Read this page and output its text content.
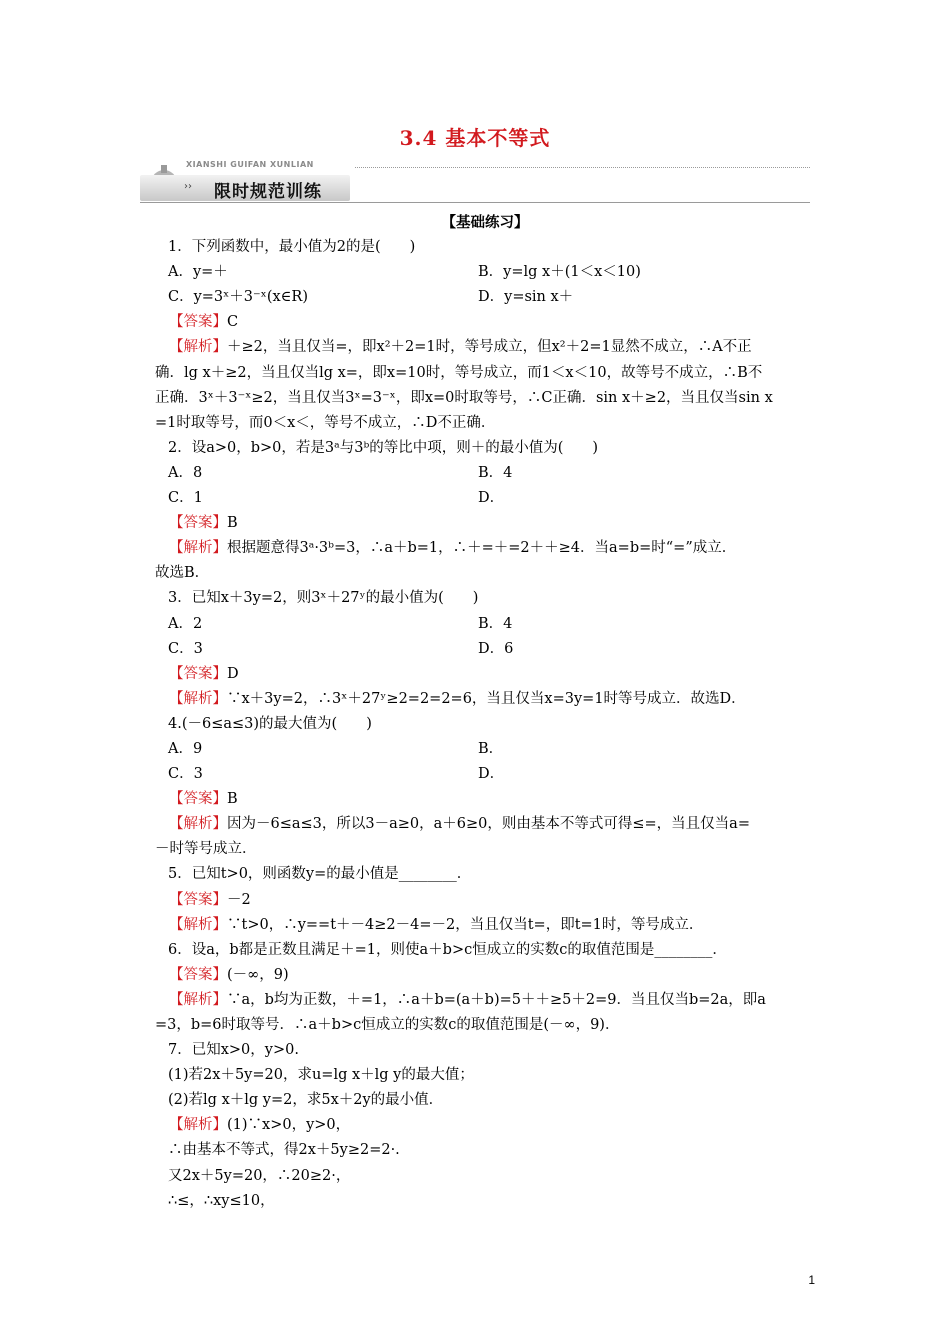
3.4 基本不等式
XIANSHI GUIFAN XUNLIAN
›› 限时规范训练
【基础练习】
1．下列函数中，最小值为2的是(　　)
A．y=＋	B．y=lg x＋(1＜x＜10)
C．y=3ˣ＋3⁻ˣ(x∈R)	D．y=sin x＋
【答案】C
【解析】＋≥2，当且仅当=，即x²＋2=1时，等号成立，但x²＋2=1显然不成立，∴A不正
确．lg x＋≥2，当且仅当lg x=，即x=10时，等号成立，而1＜x＜10，故等号不成立，∴B不
正确．3ˣ＋3⁻ˣ≥2，当且仅当3ˣ=3⁻ˣ，即x=0时取等号，∴C正确．sin x＋≥2，当且仅当sin x
=1时取等号，而0＜x＜，等号不成立，∴D不正确．
2．设a>0，b>0，若是3ᵃ与3ᵇ的等比中项，则＋的最小值为(　　)
A．8	B．4
C．1	D．
【答案】B
【解析】根据题意得3ᵃ·3ᵇ=3，∴a＋b=1，∴＋=＋=2＋＋≥4．当a=b=时“=”成立．
故选B．
3．已知x＋3y=2，则3ˣ＋27ʸ的最小值为(　　)
A．2	B．4
C．3	D．6
【答案】D
【解析】∵x＋3y=2，∴3ˣ＋27ʸ≥2=2=2=6，当且仅当x=3y=1时等号成立．故选D．
4.(－6≤a≤3)的最大值为(　　)
A．9	B．
C．3	D．
【答案】B
【解析】因为－6≤a≤3，所以3－a≥0，a＋6≥0，则由基本不等式可得≤=，当且仅当a=
－时等号成立．
5．已知t>0，则函数y=的最小值是________．
【答案】－2
【解析】∵t>0，∴y==t＋－4≥2－4=－2，当且仅当t=，即t=1时，等号成立．
6．设a，b都是正数且满足＋=1，则使a＋b>c恒成立的实数c的取值范围是________．
【答案】(－∞，9)
【解析】∵a，b均为正数，＋=1，∴a＋b=(a＋b)=5＋＋≥5＋2=9．当且仅当b=2a，即a
=3，b=6时取等号．∴a＋b>c恒成立的实数c的取值范围是(－∞，9)．
7．已知x>0，y>0.
(1)若2x＋5y=20，求u=lg x＋lg y的最大值；
(2)若lg x＋lg y=2，求5x＋2y的最小值．
【解析】(1)∵x>0，y>0，
∴由基本不等式，得2x＋5y≥2=2·.
又2x＋5y=20，∴20≥2·，
∴≤，∴xy≤10，
1
